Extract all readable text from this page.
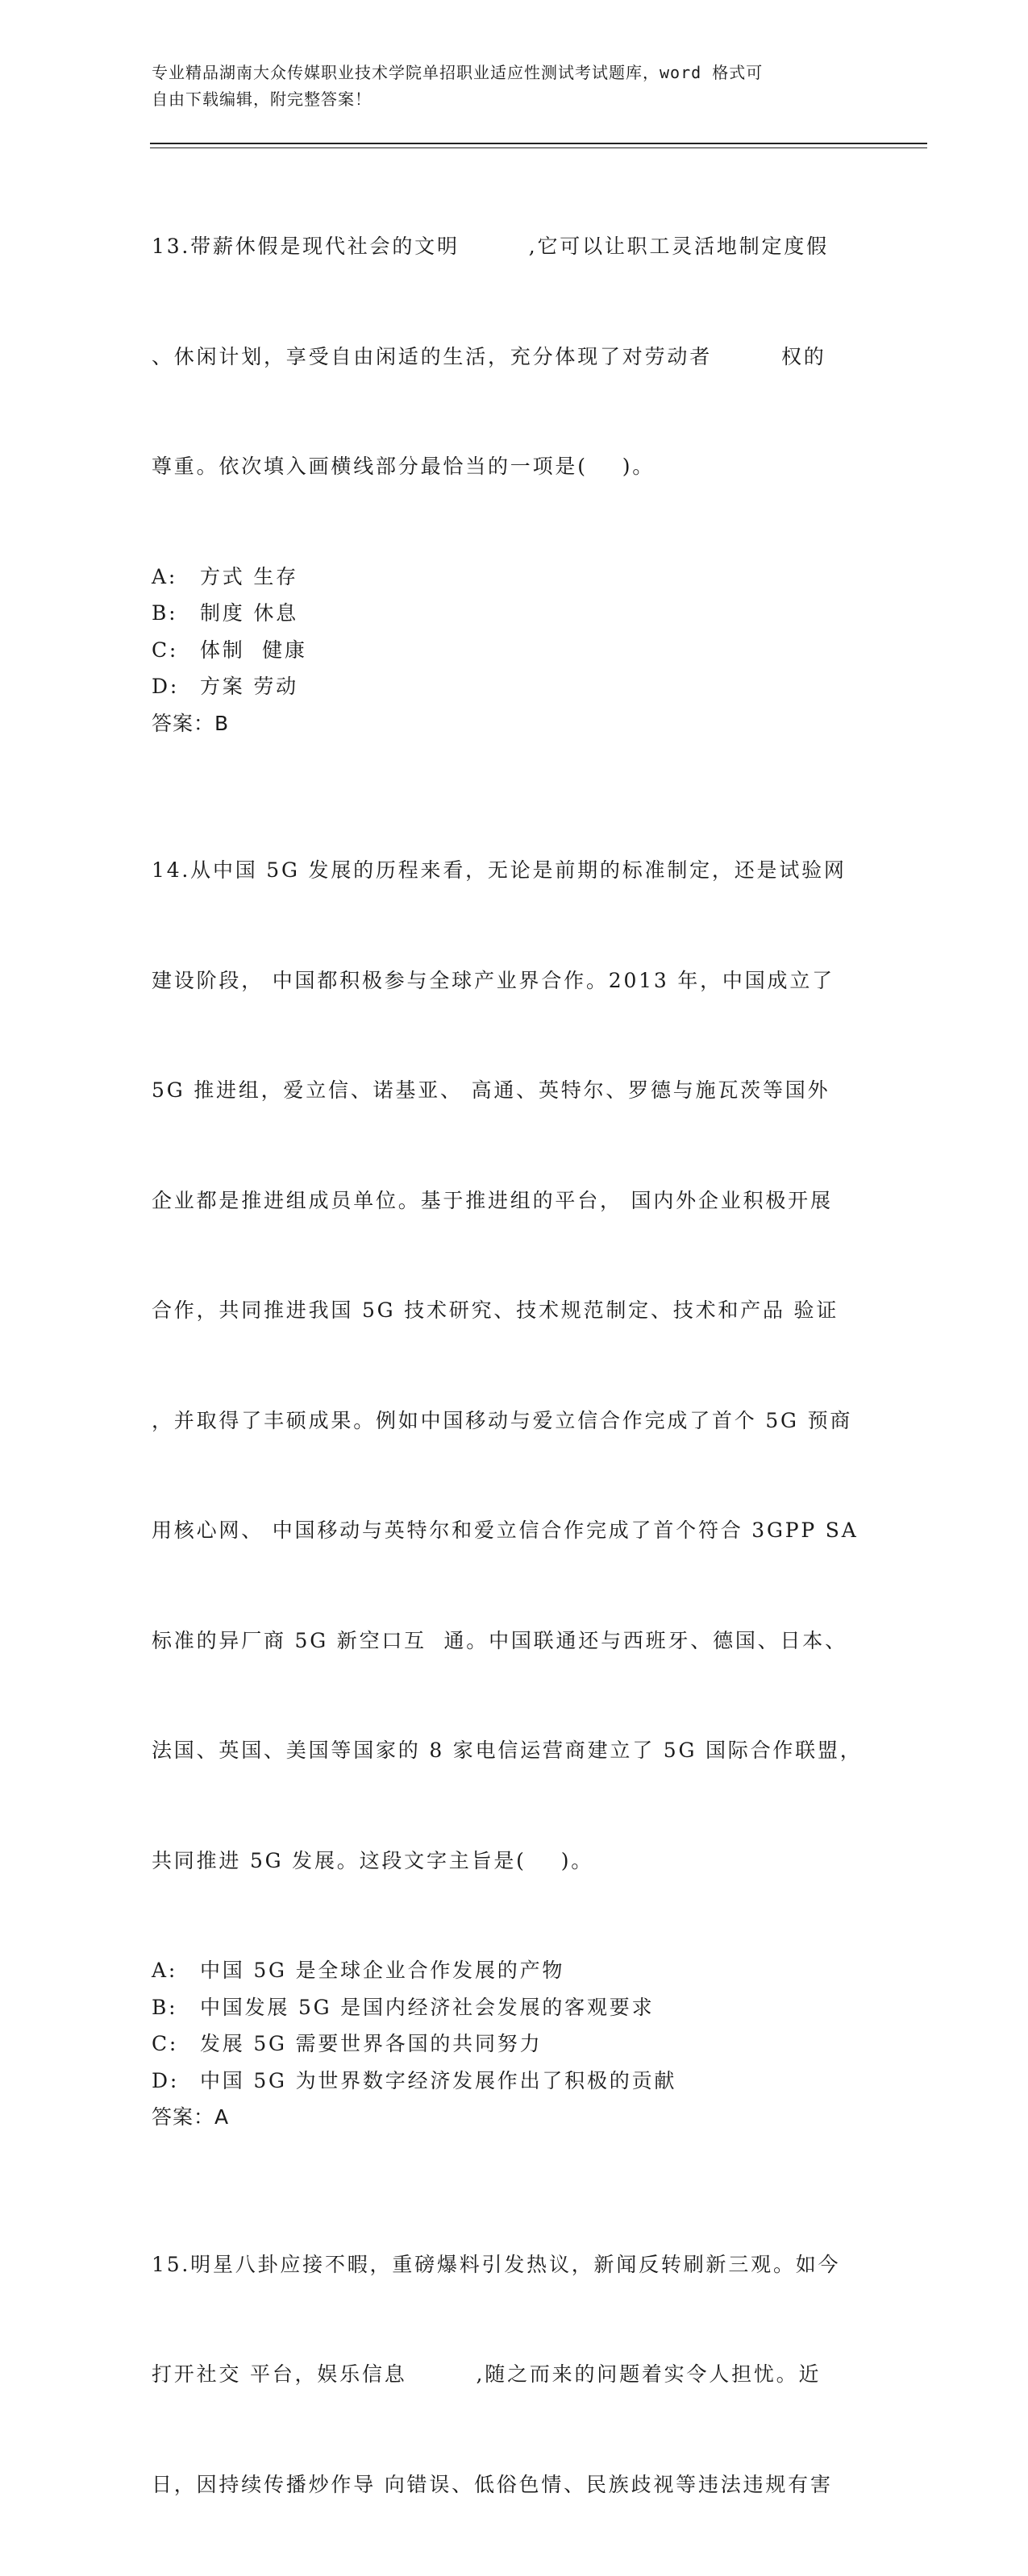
专业精品湖南大众传媒职业技术学院单招职业适应性测试考试题库，word 格式可
自由下载编辑，附完整答案！

13.带薪休假是现代社会的文明        ,它可以让职工灵活地制定度假

、休闲计划，享受自由闲适的生活，充分体现了对劳动者        权的

尊重。依次填入画横线部分最恰当的一项是(    )。

A:	方式 生存
B:	制度 休息
C:	体制  健康
D:	方案 劳动
答案：B

14.从中国 5G 发展的历程来看，无论是前期的标准制定，还是试验网

建设阶段， 中国都积极参与全球产业界合作。2013 年，中国成立了

5G 推进组，爱立信、诺基亚、 高通、英特尔、罗德与施瓦茨等国外

企业都是推进组成员单位。基于推进组的平台， 国内外企业积极开展

合作，共同推进我国 5G 技术研究、技术规范制定、技术和产品 验证

，并取得了丰硕成果。例如中国移动与爱立信合作完成了首个 5G 预商

用核心网、 中国移动与英特尔和爱立信合作完成了首个符合 3GPP SA

标准的异厂商 5G 新空口互  通。中国联通还与西班牙、德国、日本、

法国、英国、美国等国家的 8 家电信运营商建立了 5G 国际合作联盟，

共同推进 5G 发展。这段文字主旨是(    )。

A:	中国 5G 是全球企业合作发展的产物
B:	中国发展 5G 是国内经济社会发展的客观要求
C:	发展 5G 需要世界各国的共同努力
D:	中国 5G 为世界数字经济发展作出了积极的贡献
答案：A

15.明星八卦应接不暇，重磅爆料引发热议，新闻反转刷新三观。如今

打开社交 平台，娱乐信息        ,随之而来的问题着实令人担忧。近

日，因持续传播炒作导 向错误、低俗色情、民族歧视等违法违规有害
